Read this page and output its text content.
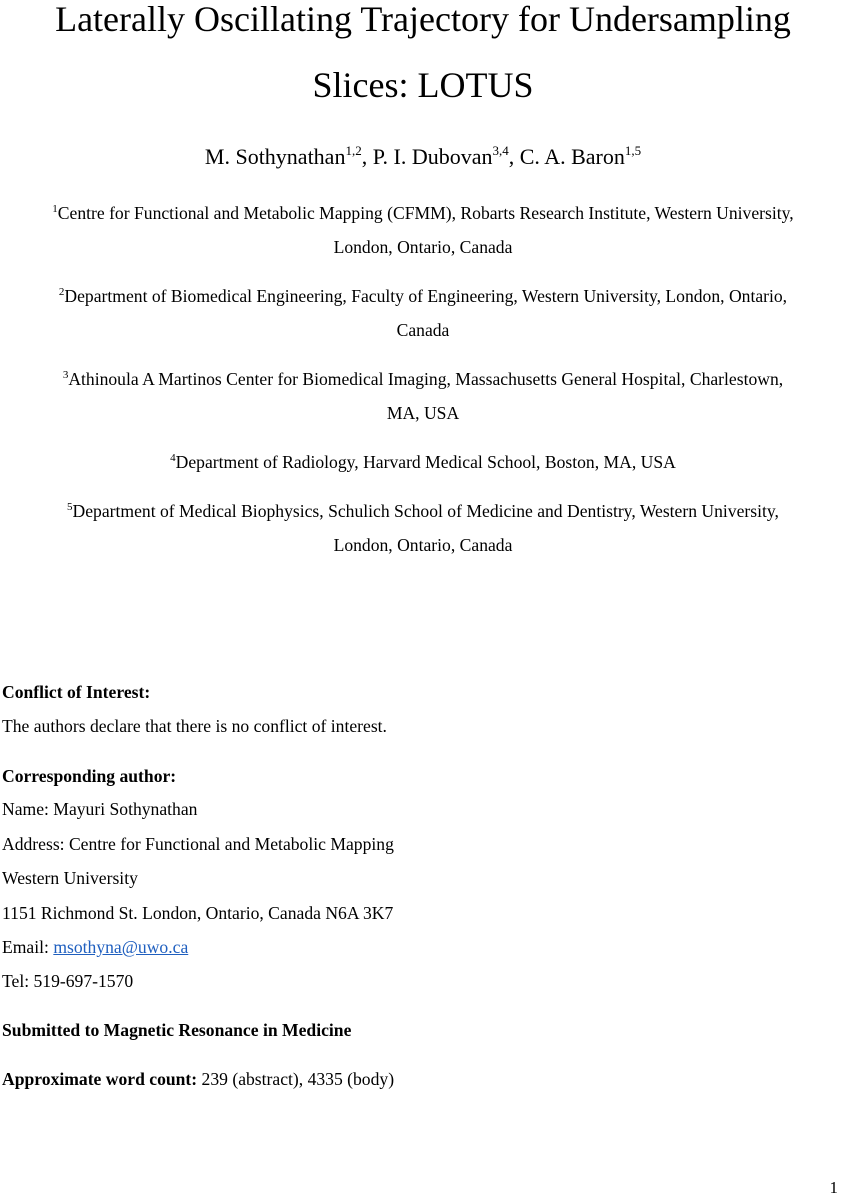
Laterally Oscillating Trajectory for Undersampling
Slices: LOTUS
M. Sothynathan$^{1,2}$, P. I. Dubovan$^{3,4}$, C. A. Baron$^{1,5}$
$^1$Centre for Functional and Metabolic Mapping (CFMM), Robarts Research Institute, Western University,
London, Ontario, Canada
$^2$Department of Biomedical Engineering, Faculty of Engineering, Western University, London, Ontario,
Canada
$^3$Athinoula A Martinos Center for Biomedical Imaging, Massachusetts General Hospital, Charlestown,
MA, USA
$^4$Department of Radiology, Harvard Medical School, Boston, MA, USA
$^5$Department of Medical Biophysics, Schulich School of Medicine and Dentistry, Western University,
London, Ontario, Canada
Conflict of Interest:
The authors declare that there is no conflict of interest.
Corresponding author:
Name: Mayuri Sothynathan
Address: Centre for Functional and Metabolic Mapping
Western University
1151 Richmond St. London, Ontario, Canada N6A 3K7
Email: msothyna@uwo.ca
Tel: 519-697-1570
Submitted to Magnetic Resonance in Medicine
Approximate word count: 239 (abstract), 4335 (body)
1
